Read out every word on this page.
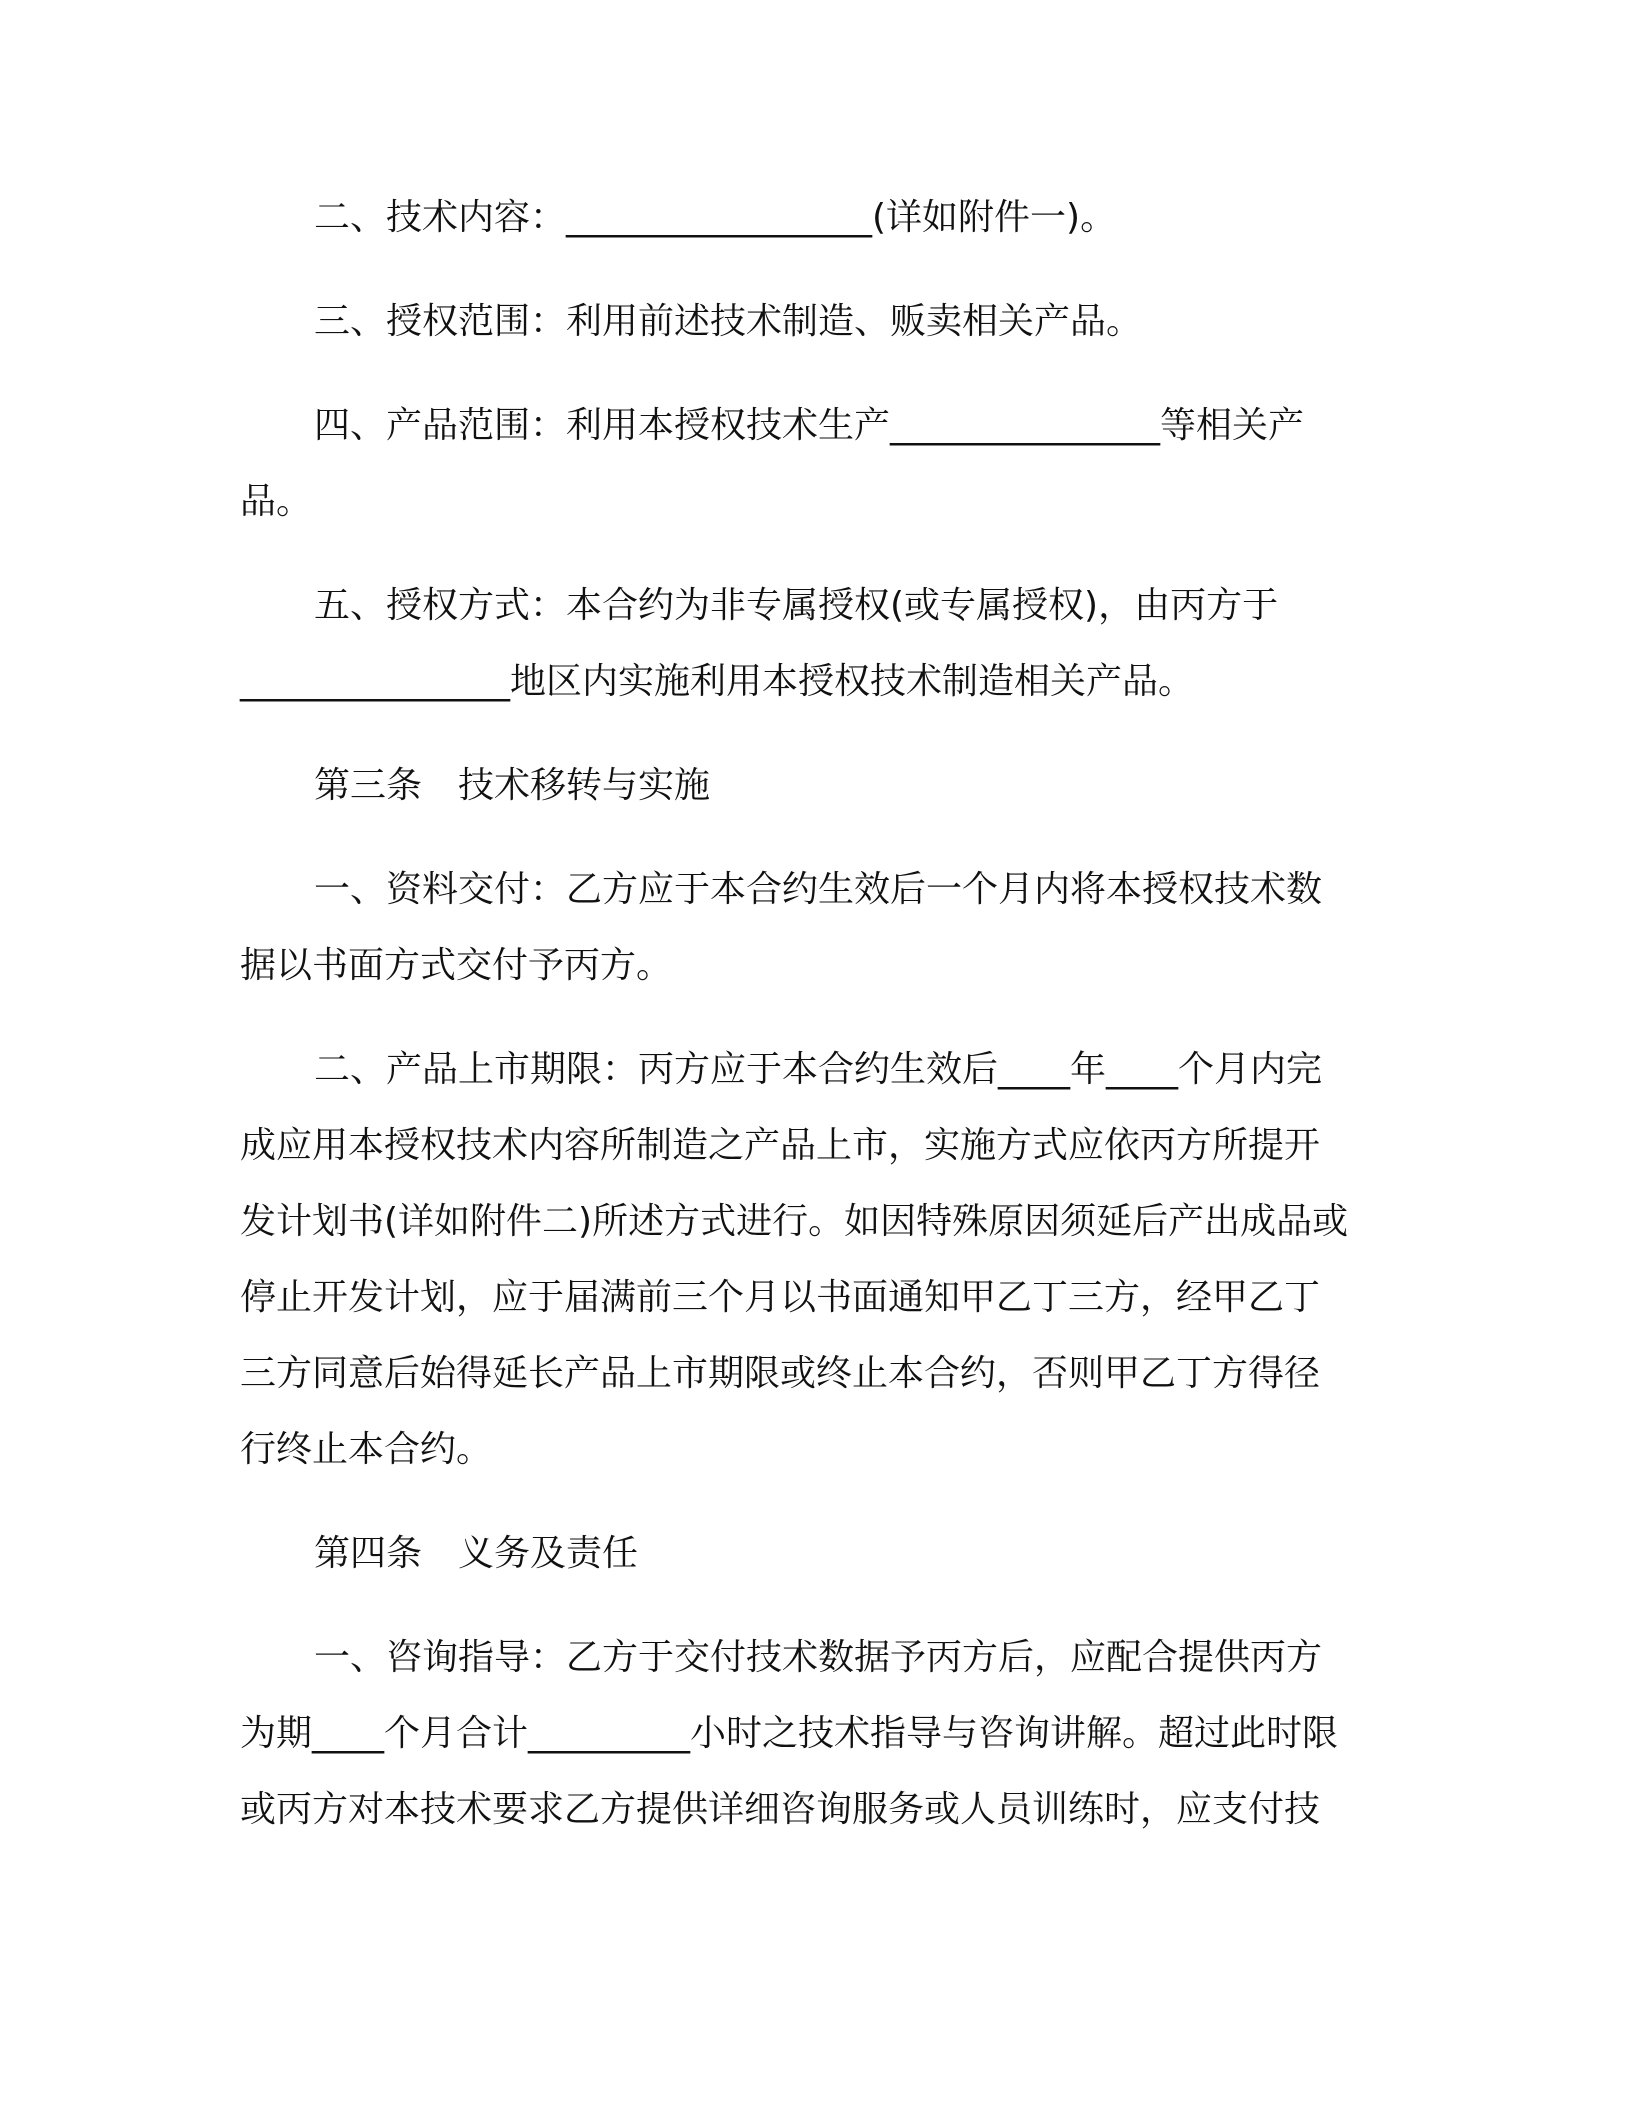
二、技术内容：_________________(详如附件一)。
三、授权范围：利用前述技术制造、贩卖相关产品。
四、产品范围：利用本授权技术生产_______________等相关产
品。
五、授权方式：本合约为非专属授权(或专属授权)，由丙方于
_______________地区内实施利用本授权技术制造相关产品。
第三条　技术移转与实施
一、资料交付：乙方应于本合约生效后一个月内将本授权技术数
据以书面方式交付予丙方。
二、产品上市期限：丙方应于本合约生效后____年____个月内完
成应用本授权技术内容所制造之产品上市，实施方式应依丙方所提开
发计划书(详如附件二)所述方式进行。如因特殊原因须延后产出成品或
停止开发计划，应于届满前三个月以书面通知甲乙丁三方，经甲乙丁
三方同意后始得延长产品上市期限或终止本合约，否则甲乙丁方得径
行终止本合约。
第四条　义务及责任
一、咨询指导：乙方于交付技术数据予丙方后，应配合提供丙方
为期____个月合计_________小时之技术指导与咨询讲解。超过此时限
或丙方对本技术要求乙方提供详细咨询服务或人员训练时，应支付技
